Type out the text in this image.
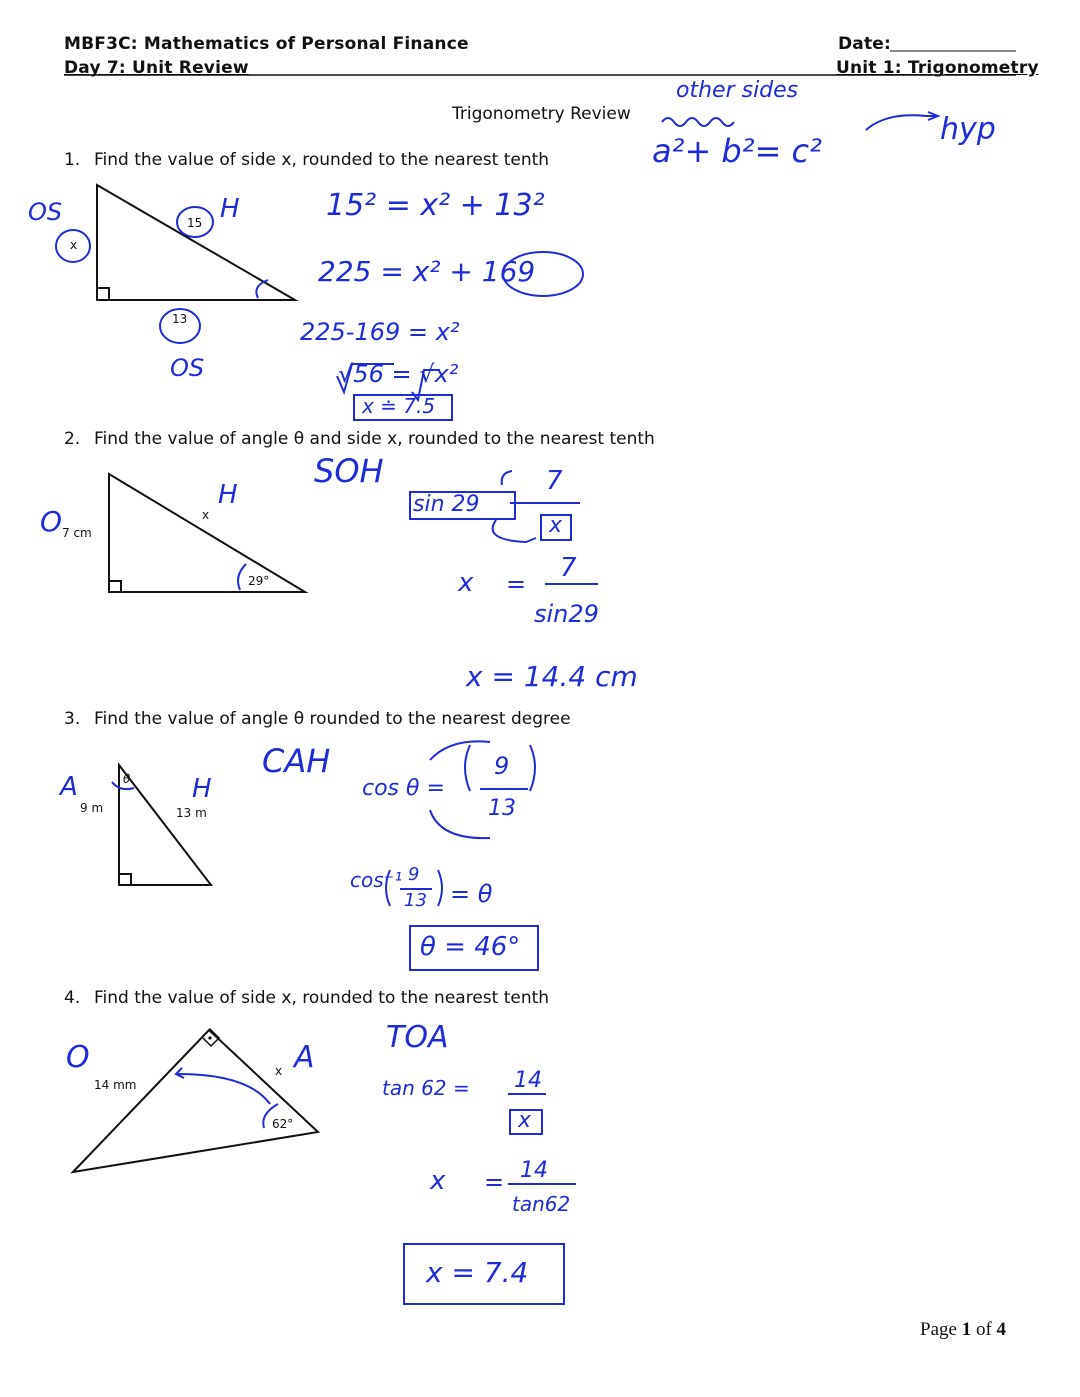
MBF3C: Mathematics of Personal Finance
Day 7: Unit Review
Date:
Unit 1: Trigonometry
Trigonometry Review
1. Find the value of side x, rounded to the nearest tenth
15
x
13
OS	H
OS
15² = x² + 13²
225 = x² + 169
225-169 = x²
√56 = √x²
x ≐ 7.5
2. Find the value of angle θ and side x, rounded to the nearest tenth
x
7 cm
29°
O
H
SOH
sin 29
7
x
x =
7
sin29
x = 14.4 cm
3. Find the value of angle θ rounded to the nearest degree
θ
9 m	13 m
A	H
CAH
cos θ =
9
13
cos⁻¹ 9
13 = θ
θ = 46°
4. Find the value of side x, rounded to the nearest tenth
x
14 mm
62°
O	A
TOA
tan 62 = 14
x
x = 14
tan62
x = 7.4
other sides
a²+ b²= c²
hyp
Page 1 of 4
